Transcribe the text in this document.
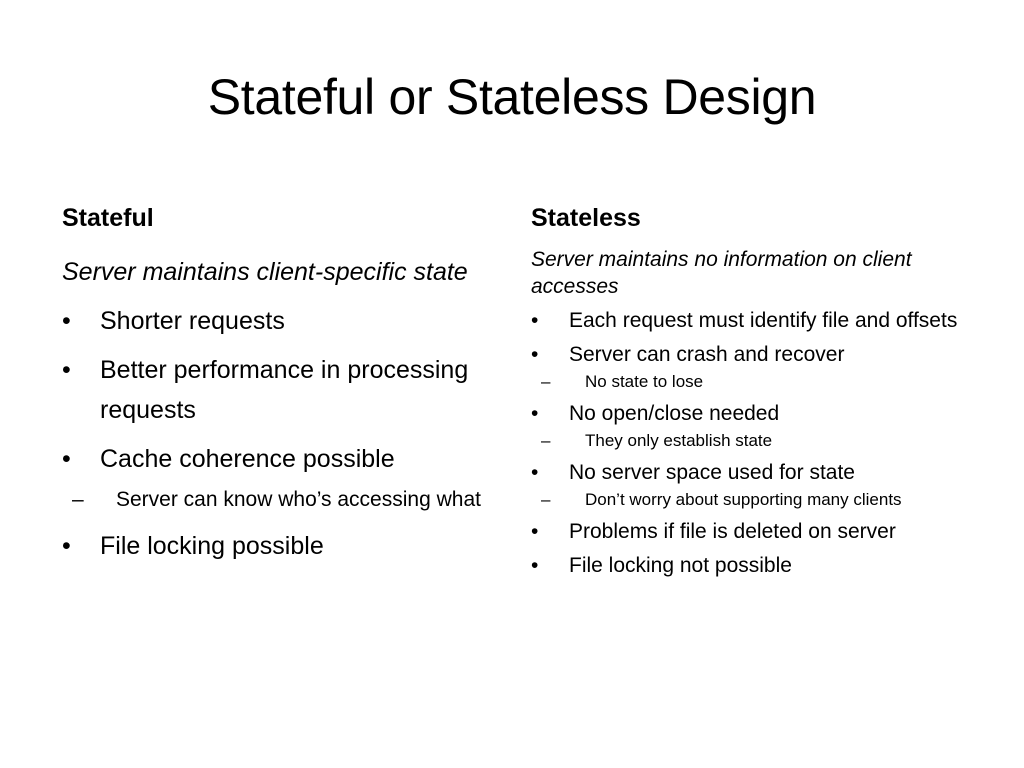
Stateful or Stateless Design

Stateful

Server maintains client-specific state

• Shorter requests
• Better performance in processing requests
• Cache coherence possible
– Server can know who’s accessing what
• File locking possible

Stateless

Server maintains no information on client accesses

• Each request must identify file and offsets
• Server can crash and recover
– No state to lose
• No open/close needed
– They only establish state
• No server space used for state
– Don’t worry about supporting many clients
• Problems if file is deleted on server
• File locking not possible
